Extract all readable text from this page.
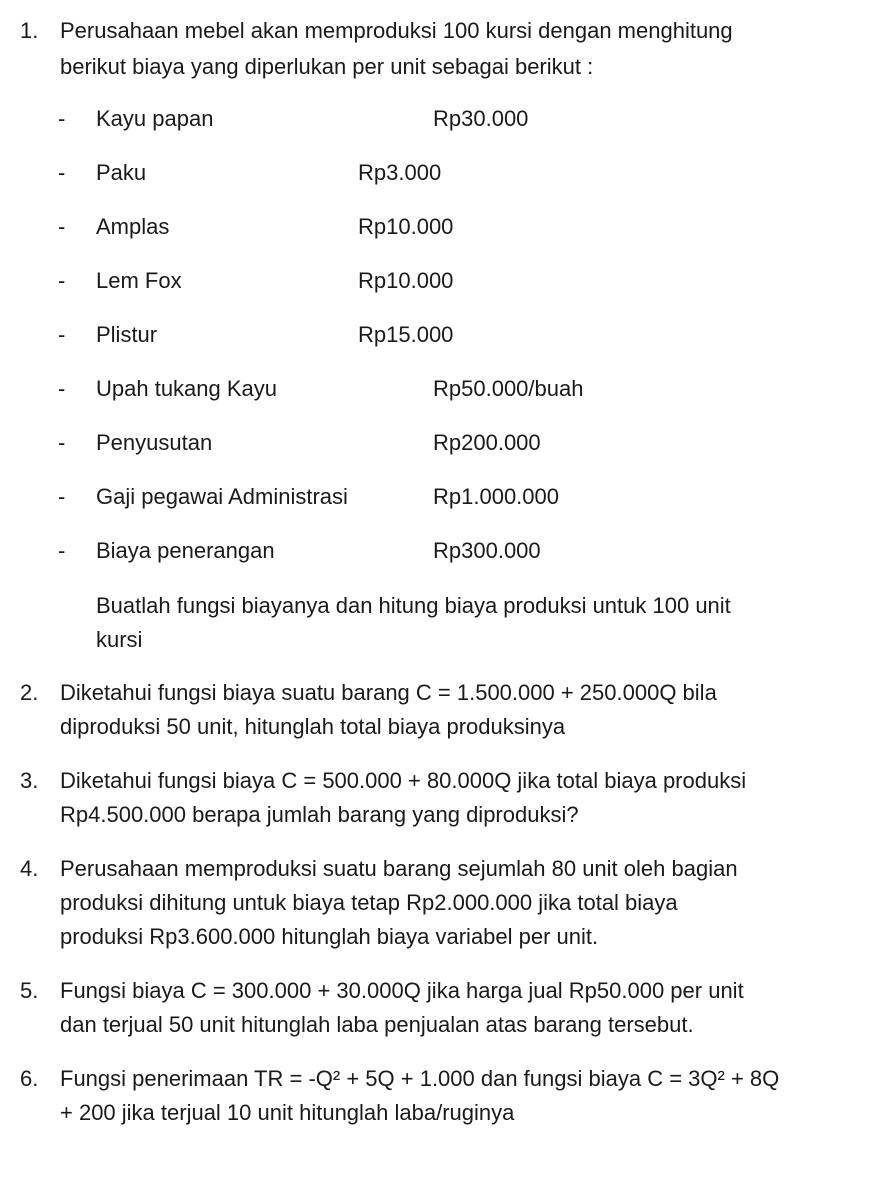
1. Perusahaan mebel akan memproduksi 100 kursi dengan menghitung
berikut biaya yang diperlukan per unit sebagai berikut :
- Kayu papan	Rp30.000
- Paku	Rp3.000
- Amplas	Rp10.000
- Lem Fox	Rp10.000
- Plistur	Rp15.000
- Upah tukang Kayu	Rp50.000/buah
- Penyusutan	Rp200.000
- Gaji pegawai Administrasi	Rp1.000.000
- Biaya penerangan	Rp300.000
Buatlah fungsi biayanya dan hitung biaya produksi untuk 100 unit
kursi
2. Diketahui fungsi biaya suatu barang C = 1.500.000 + 250.000Q bila
diproduksi 50 unit, hitunglah total biaya produksinya
3. Diketahui fungsi biaya C = 500.000 + 80.000Q jika total biaya produksi
Rp4.500.000 berapa jumlah barang yang diproduksi?
4. Perusahaan memproduksi suatu barang sejumlah 80 unit oleh bagian
produksi dihitung untuk biaya tetap Rp2.000.000 jika total biaya
produksi Rp3.600.000 hitunglah biaya variabel per unit.
5. Fungsi biaya C = 300.000 + 30.000Q jika harga jual Rp50.000 per unit
dan terjual 50 unit hitunglah laba penjualan atas barang tersebut.
6. Fungsi penerimaan TR = -Q² + 5Q + 1.000 dan fungsi biaya C = 3Q² + 8Q
+ 200 jika terjual 10 unit hitunglah laba/ruginya
